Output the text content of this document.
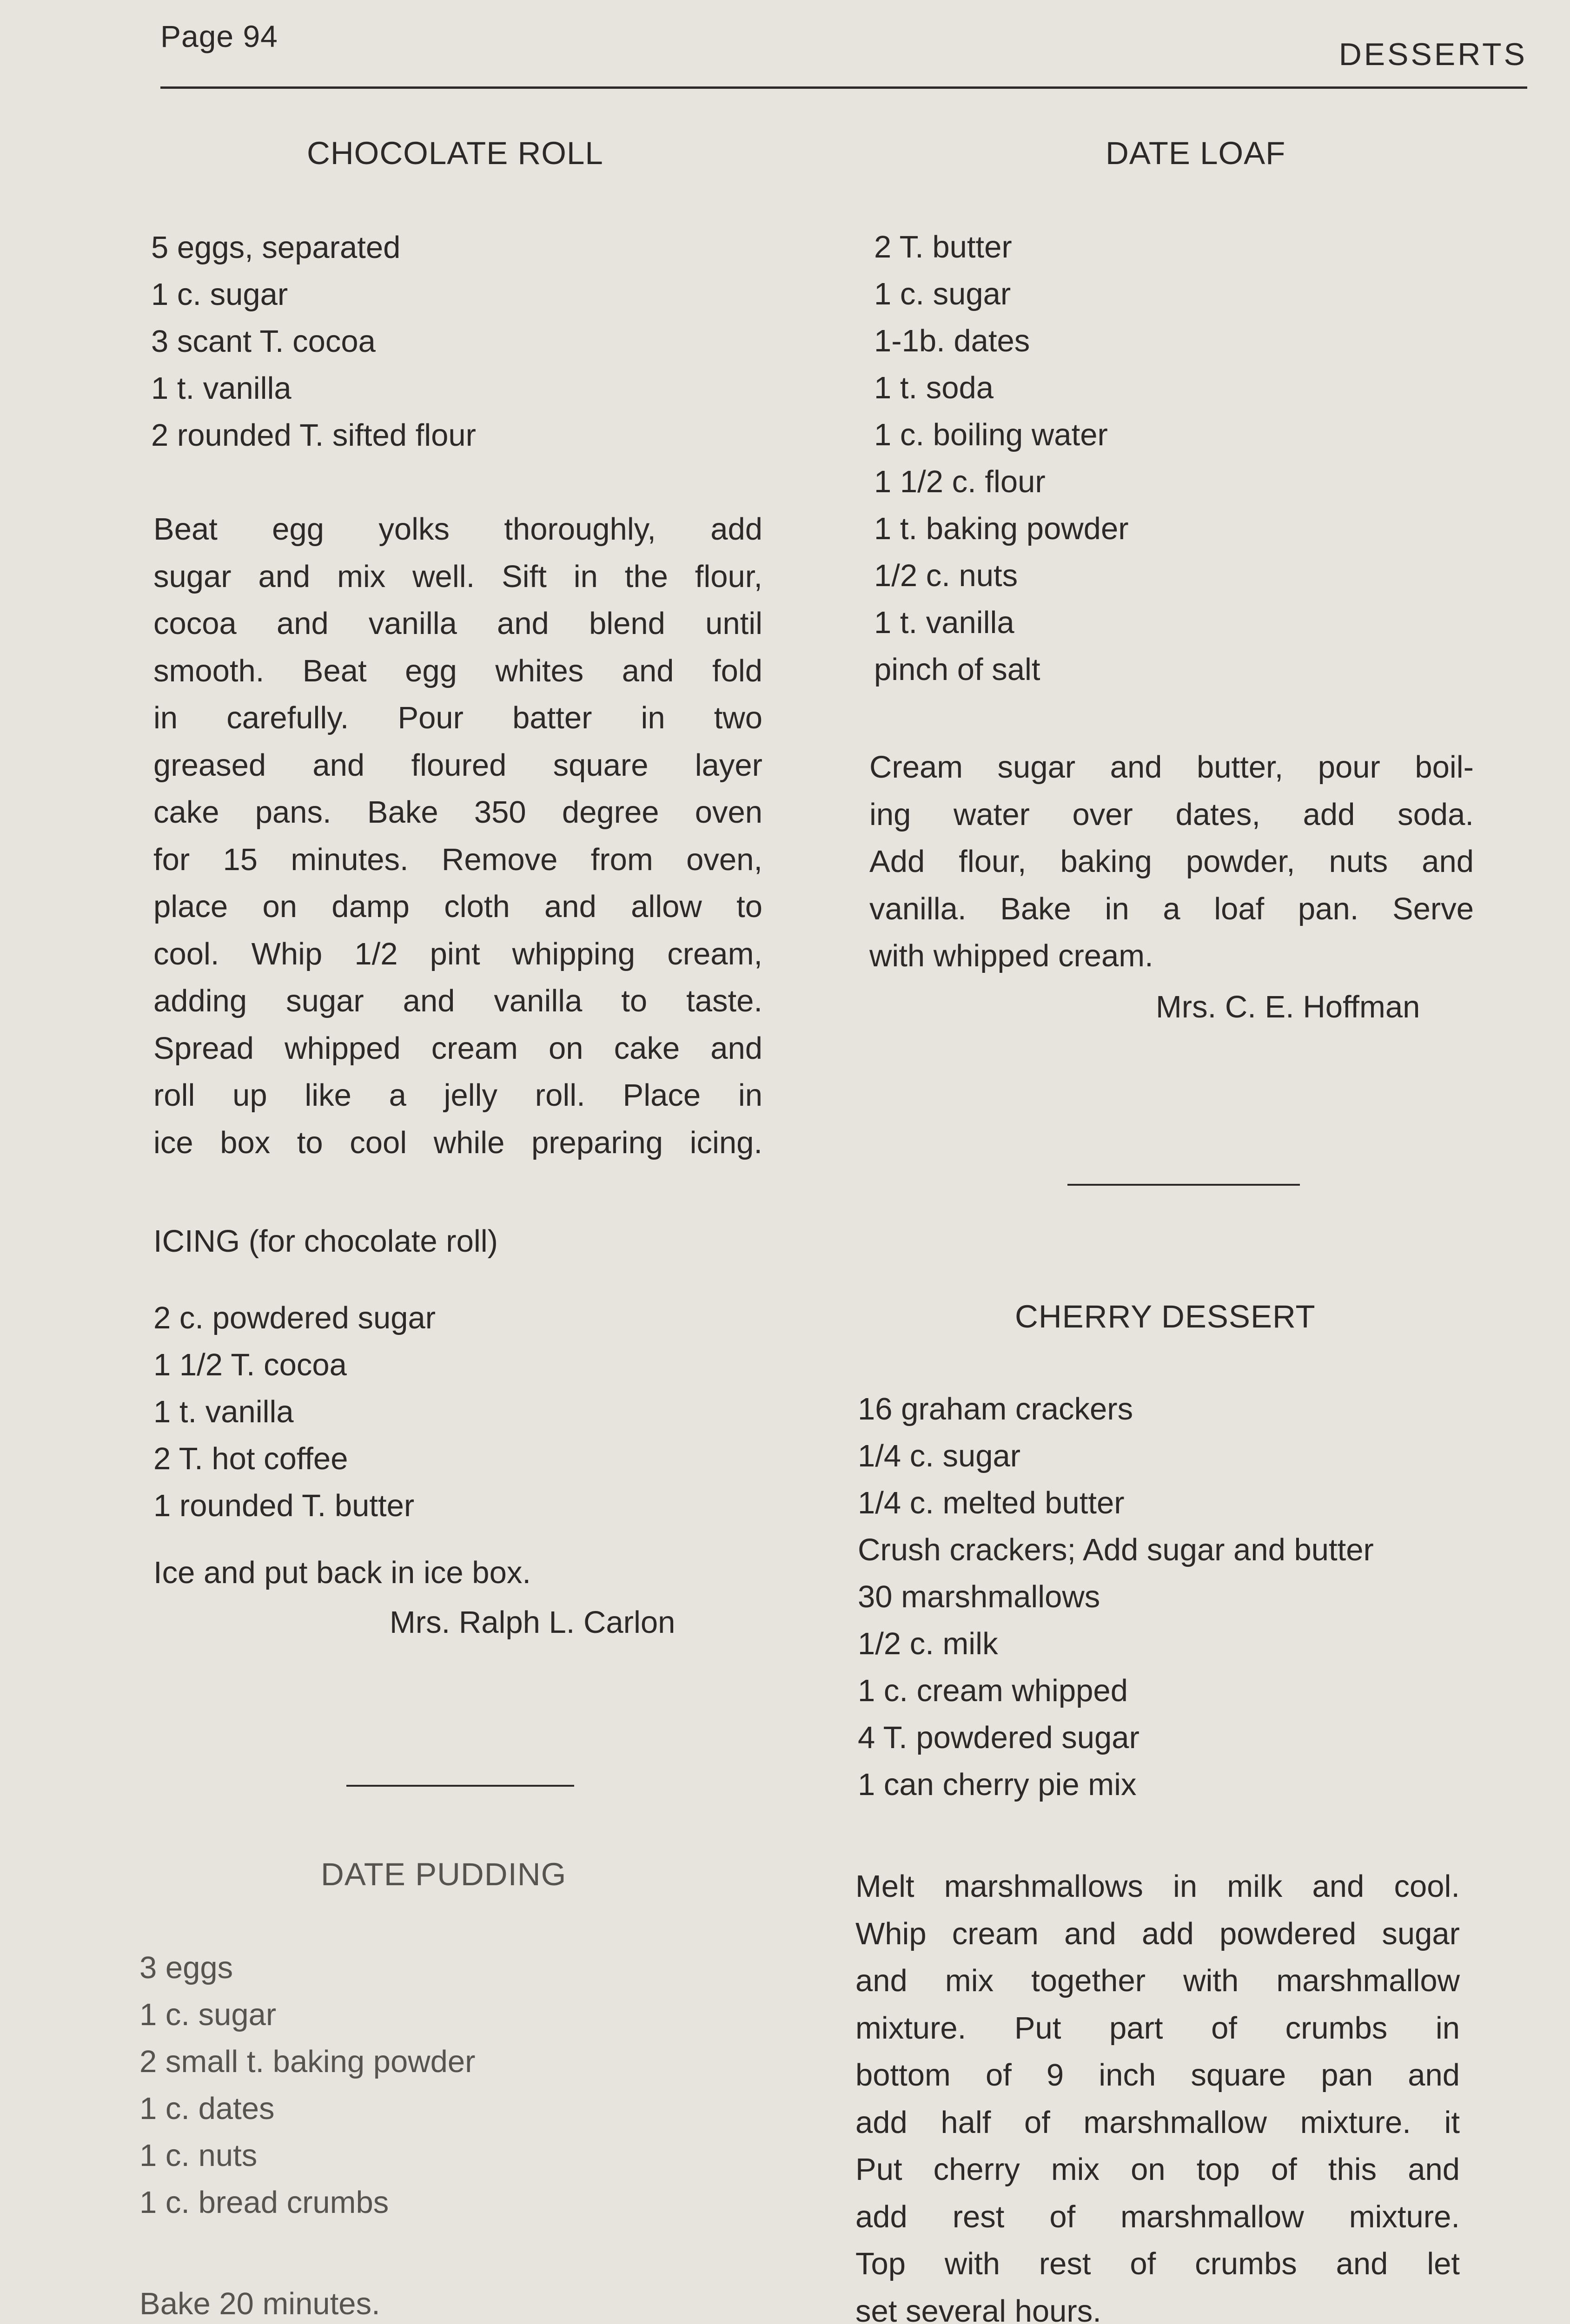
Page 94
DESSERTS
CHOCOLATE ROLL
5 eggs, separated
1 c. sugar
3 scant T. cocoa
1 t. vanilla
2 rounded T. sifted flour
Beat egg yolks thoroughly, add
sugar and mix well. Sift in the flour,
cocoa and vanilla and blend until
smooth. Beat egg whites and fold
in carefully. Pour batter in two
greased and floured square layer
cake pans. Bake 350 degree oven
for 15 minutes. Remove from oven,
place on damp cloth and allow to
cool. Whip 1/2 pint whipping cream,
adding sugar and vanilla to taste.
Spread whipped cream on cake and
roll up like a jelly roll. Place in
ice box to cool while preparing icing.
ICING (for chocolate roll)
2 c. powdered sugar
1 1/2 T. cocoa
1 t. vanilla
2 T. hot coffee
1 rounded T. butter
Ice and put back in ice box.
Mrs. Ralph L. Carlon
DATE PUDDING
3 eggs
1 c. sugar
2 small t. baking powder
1 c. dates
1 c. nuts
1 c. bread crumbs
Bake 20 minutes.
DATE LOAF
2 T. butter
1 c. sugar
1-1b. dates
1 t. soda
1 c. boiling water
1 1/2 c. flour
1 t. baking powder
1/2 c. nuts
1 t. vanilla
pinch of salt
Cream sugar and butter, pour boil-
ing water over dates, add soda.
Add flour, baking powder, nuts and
vanilla. Bake in a loaf pan. Serve
with whipped cream.
Mrs. C. E. Hoffman
CHERRY DESSERT
16 graham crackers
1/4 c. sugar
1/4 c. melted butter
Crush crackers; Add sugar and butter
30 marshmallows
1/2 c. milk
1 c. cream whipped
4 T. powdered sugar
1 can cherry pie mix
Melt marshmallows in milk and cool.
Whip cream and add powdered sugar
and mix together with marshmallow
mixture. Put part of crumbs in
bottom of 9 inch square pan and
add half of marshmallow mixture. it
Put cherry mix on top of this and
add rest of marshmallow mixture.
Top with rest of crumbs and let
set several hours.
